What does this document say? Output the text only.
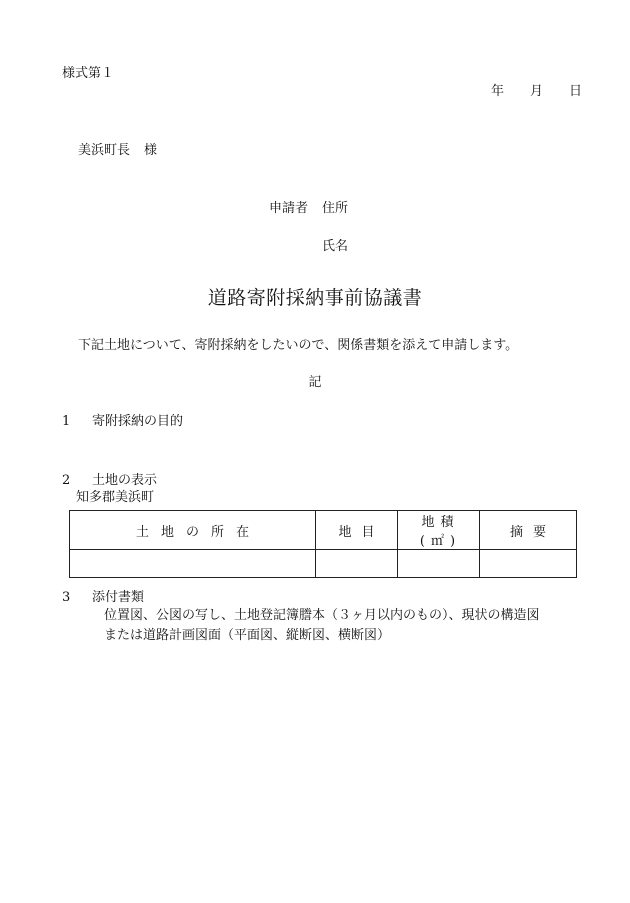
様式第１
年 月 日
美浜町長 様
申請者 住所
氏名
道路寄附採納事前協議書
下記土地について、寄附採納をしたいので、関係書類を添えて申請します。
記
1 寄附採納の目的
2 土地の表示
知多郡美浜町
土地の所在	地目	地積(㎡)	摘要

3 添付書類
位置図、公図の写し、土地登記簿謄本（３ヶ月以内のもの）、現状の構造図
または道路計画図面（平面図、縦断図、横断図）
